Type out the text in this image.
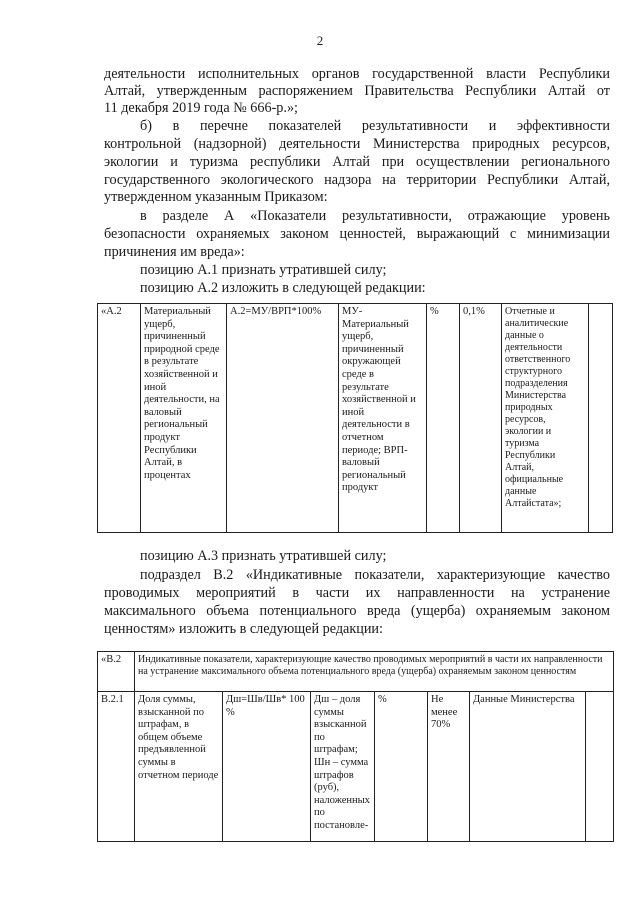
2

деятельности исполнительных органов государственной власти Республики

Алтай, утвержденным распоряжением Правительства Республики Алтай от

11 декабря 2019 года № 666-р.»;

б) в перечне показателей результативности и эффективности

контрольной (надзорной) деятельности Министерства природных ресурсов,

экологии и туризма республики Алтай при осуществлении регионального

государственного экологического надзора на территории Республики Алтай,

утвержденном указанным Приказом:

в разделе А «Показатели результативности, отражающие уровень

безопасности охраняемых законом ценностей, выражающий с минимизации

причинения им вреда»:

позицию А.1 признать утратившей силу;

позицию А.2 изложить в следующей редакции:

«А.2	Материальный ущерб, причиненный природной среде в результате хозяйственной и иной деятельности, на валовый региональный продукт Республики Алтай, в процентах	А.2=МУ/ВРП*100%	МУ- Материальный ущерб, причиненный окружающей среде в результате хозяйственной и иной деятельности в отчетном периоде; ВРП- валовый региональный продукт	%	0,1%	Отчетные и аналитические данные о деятельности ответственного структурного подразделения Министерства природных ресурсов, экологии и туризма Республики Алтай, официальные данные Алтайстата»;	

позицию А.3 признать утратившей силу;

подраздел В.2 «Индикативные показатели, характеризующие качество

проводимых мероприятий в части их направленности на устранение

максимального объема потенциального вреда (ущерба) охраняемым законом

ценностям» изложить в следующей редакции:

«В.2	Индикативные показатели, характеризующие качество проводимых мероприятий в части их направленности на устранение максимального объема потенциального вреда (ущерба) охраняемым законом ценностям						
В.2.1	Доля суммы, взысканной по штрафам, в общем объеме предъявленной суммы в отчетном периоде	Дш=Шв/Шв* 100 %	Дш – доля суммы взысканной по штрафам; Шн – сумма штрафов (руб), наложенных по постановле-	%	Не менее 70%	Данные Министерства	
